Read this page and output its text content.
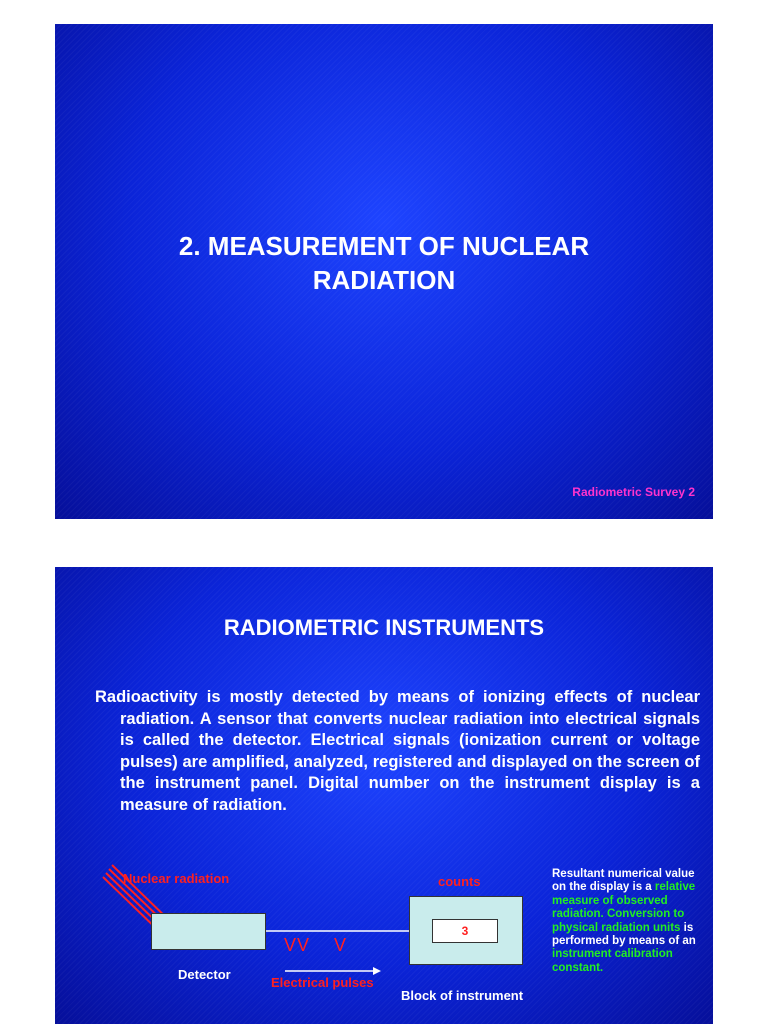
2. MEASUREMENT OF NUCLEAR
RADIATION
Radiometric Survey 2
RADIOMETRIC INSTRUMENTS
Radioactivity is mostly detected by means of ionizing effects of nuclear radiation. A sensor that converts nuclear radiation into electrical signals is called the detector. Electrical signals (ionization current or voltage pulses) are amplified, analyzed, registered and displayed on the screen of the instrument panel. Digital number on the instrument display is a measure of radiation.
Nuclear radiation
Detector
VV    V
Electrical pulses
counts
3
Block of instrument
Resultant numerical value on the display is a relative measure of observed radiation. Conversion to physical radiation units is performed by means of an instrument calibration constant.
